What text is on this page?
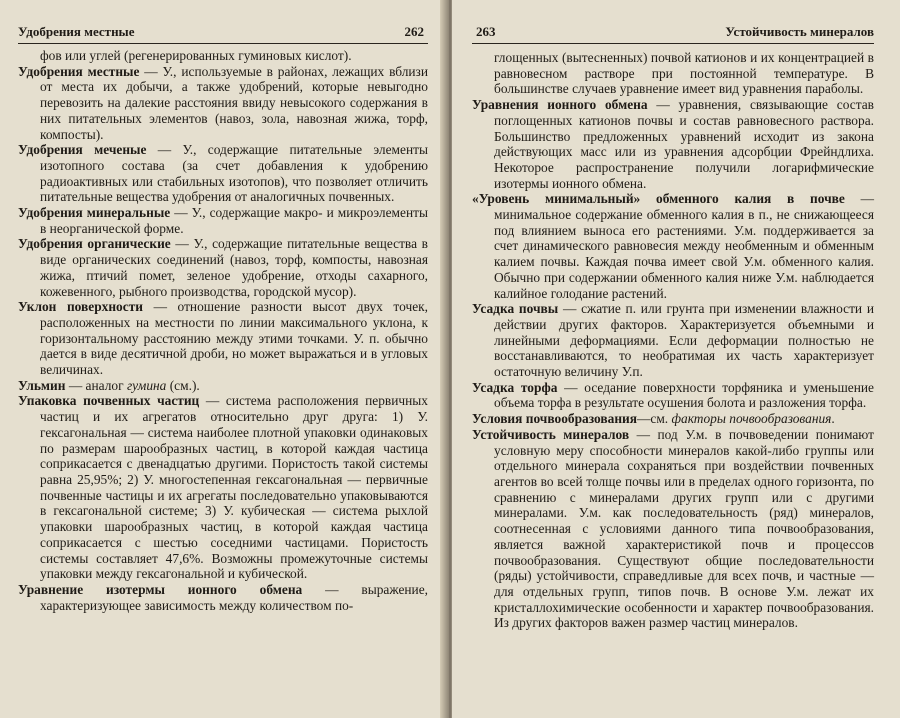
Удобрения местные	262

фов или углей (регенерированных гуминовых кислот).

Удобрения местные — У., используемые в районах, лежащих вблизи от места их добычи, а также удобрений, которые невыгодно перевозить на далекие расстояния ввиду невысокого содержания в них питательных элементов (навоз, зола, навозная жижа, торф, компосты).

Удобрения меченые — У., содержащие питательные элементы изотопного состава (за счет добавления к удобрению радиоактивных или стабильных изотопов), что позволяет отличить питательные вещества удобрения от аналогичных почвенных.

Удобрения минеральные — У., содержащие макро- и микроэлементы в неорганической форме.

Удобрения органические — У., содержащие питательные вещества в виде органических соединений (навоз, торф, компосты, навозная жижа, птичий помет, зеленое удобрение, отходы сахарного, кожевенного, рыбного производства, городской мусор).

Уклон поверхности — отношение разности высот двух точек, расположенных на местности по линии максимального уклона, к горизонтальному расстоянию между этими точками. У. п. обычно дается в виде десятичной дроби, но может выражаться и в угловых величинах.

Ульмин — аналог гумина (см.).

Упаковка почвенных частиц — система расположения первичных частиц и их агрегатов относительно друг друга: 1) У. гексагональная — система наиболее плотной упаковки одинаковых по размерам шарообразных частиц, в которой каждая частица соприкасается с двенадцатью другими. Пористость такой системы равна 25,95%; 2) У. многостепенная гексагональная — первичные почвенные частицы и их агрегаты последовательно упаковываются в гексагональной системе; 3) У. кубическая — система рыхлой упаковки шарообразных частиц, в которой каждая частица соприкасается с шестью соседними частицами. Пористость системы составляет 47,6%. Возможны промежуточные системы упаковки между гексагональной и кубической.

Уравнение изотермы ионного обмена — выражение, характеризующее зависимость между количеством по-

263	Устойчивость минералов

глощенных (вытесненных) почвой катионов и их концентрацией в равновесном растворе при постоянной температуре. В большинстве случаев уравнение имеет вид уравнения параболы.

Уравнения ионного обмена — уравнения, связывающие состав поглощенных катионов почвы и состав равновесного раствора. Большинство предложенных уравнений исходит из закона действующих масс или из уравнения адсорбции Фрейндлиха. Некоторое распространение получили логарифмические изотермы ионного обмена.

«Уровень минимальный» обменного калия в почве — минимальное содержание обменного калия в п., не снижающееся под влиянием выноса его растениями. У.м. поддерживается за счет динамического равновесия между необменным и обменным калием почвы. Каждая почва имеет свой У.м. обменного калия. Обычно при содержании обменного калия ниже У.м. наблюдается калийное голодание растений.

Усадка почвы — сжатие п. или грунта при изменении влажности и действии других факторов. Характеризуется объемными и линейными деформациями. Если деформации полностью не восстанавливаются, то необратимая их часть характеризует остаточную величину У.п.

Усадка торфа — оседание поверхности торфяника и уменьшение объема торфа в результате осушения болота и разложения торфа.

Условия почвообразования—см. факторы почвообразования.

Устойчивость минералов — под У.м. в почвоведении понимают условную меру способности минералов какой-либо группы или отдельного минерала сохраняться при воздействии почвенных агентов во всей толще почвы или в пределах одного горизонта, по сравнению с минералами других групп или с другими минералами. У.м. как последовательность (ряд) минералов, соотнесенная с условиями данного типа почвообразования, является важной характеристикой почв и процессов почвообразования. Существуют общие последовательности (ряды) устойчивости, справедливые для всех почв, и частные — для отдельных групп, типов почв. В основе У.м. лежат их кристаллохимические особенности и характер почвообразования. Из других факторов важен размер частиц минералов.
